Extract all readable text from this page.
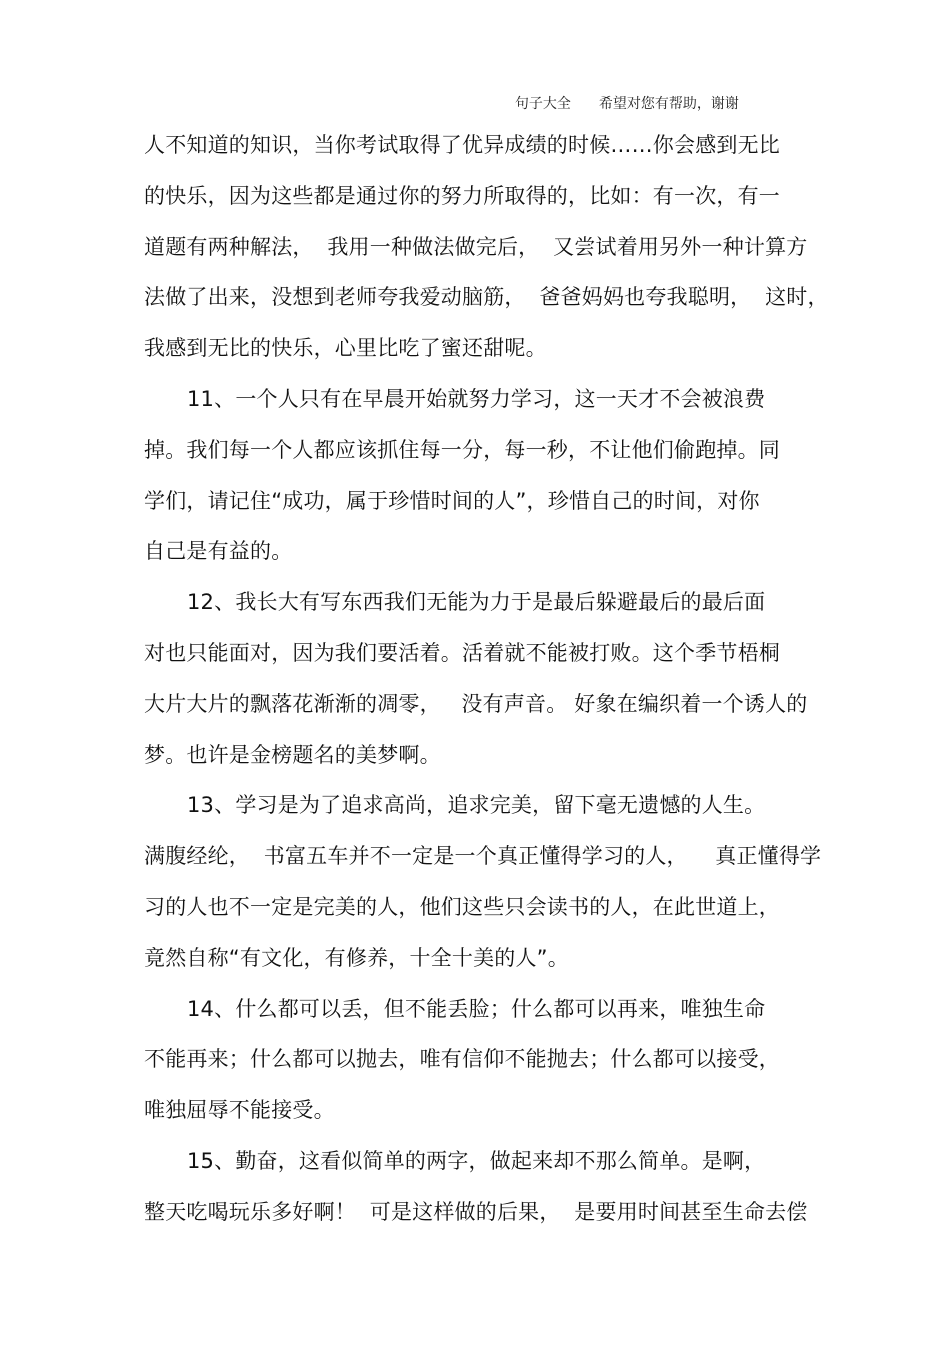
句子大全 希望对您有帮助，谢谢

人不知道的知识，当你考试取得了优异成绩的时候……你会感到无比
的快乐，因为这些都是通过你的努力所取得的，比如：有一次，有一
道题有两种解法，  我用一种做法做完后，  又尝试着用另外一种计算方
法做了出来，没想到老师夸我爱动脑筋，  爸爸妈妈也夸我聪明，  这时，
我感到无比的快乐，心里比吃了蜜还甜呢。
11、一个人只有在早晨开始就努力学习，这一天才不会被浪费
掉。我们每一个人都应该抓住每一分，每一秒，不让他们偷跑掉。同
学们，请记住“成功，属于珍惜时间的人”，珍惜自己的时间，对你
自己是有益的。
12、我长大有写东西我们无能为力于是最后躲避最后的最后面
对也只能面对，因为我们要活着。活着就不能被打败。这个季节梧桐
大片大片的飘落花渐渐的凋零，   没有声音。 好象在编织着一个诱人的
梦。也许是金榜题名的美梦啊。
13、学习是为了追求高尚，追求完美，留下毫无遗憾的人生。
满腹经纶，  书富五车并不一定是一个真正懂得学习的人，    真正懂得学
习的人也不一定是完美的人，他们这些只会读书的人，在此世道上，
竟然自称“有文化，有修养，十全十美的人”。
14、什么都可以丢，但不能丢脸；什么都可以再来，唯独生命
不能再来；什么都可以抛去，唯有信仰不能抛去；什么都可以接受，
唯独屈辱不能接受。
15、勤奋，这看似简单的两字，做起来却不那么简单。是啊，
整天吃喝玩乐多好啊！  可是这样做的后果，  是要用时间甚至生命去偿
